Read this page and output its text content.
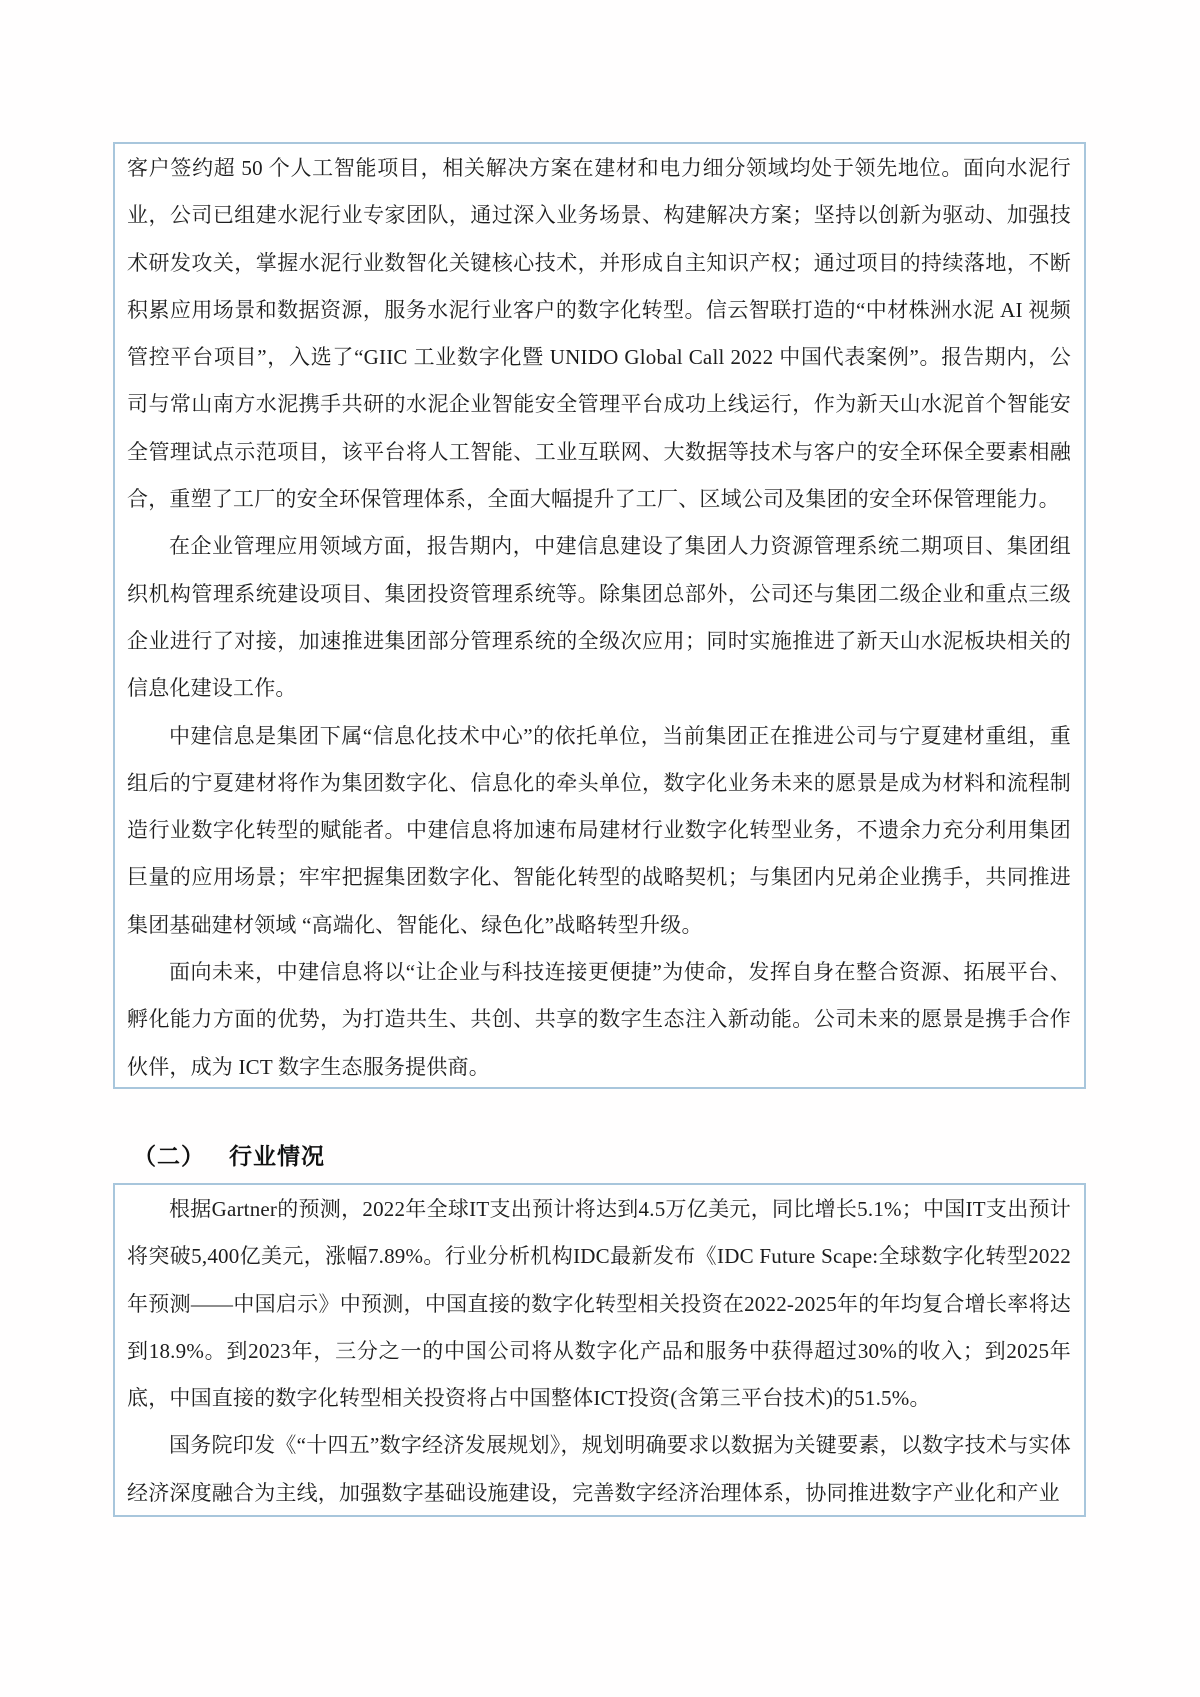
客户签约超 50 个人工智能项目，相关解决方案在建材和电力细分领域均处于领先地位。面向水泥行业，公司已组建水泥行业专家团队，通过深入业务场景、构建解决方案；坚持以创新为驱动、加强技术研发攻关，掌握水泥行业数智化关键核心技术，并形成自主知识产权；通过项目的持续落地，不断积累应用场景和数据资源，服务水泥行业客户的数字化转型。信云智联打造的“中材株洲水泥 AI 视频管控平台项目”，入选了“GIIC 工业数字化暨 UNIDO Global Call 2022 中国代表案例”。报告期内，公司与常山南方水泥携手共研的水泥企业智能安全管理平台成功上线运行，作为新天山水泥首个智能安全管理试点示范项目，该平台将人工智能、工业互联网、大数据等技术与客户的安全环保全要素相融合，重塑了工厂的安全环保管理体系，全面大幅提升了工厂、区域公司及集团的安全环保管理能力。

在企业管理应用领域方面，报告期内，中建信息建设了集团人力资源管理系统二期项目、集团组织机构管理系统建设项目、集团投资管理系统等。除集团总部外，公司还与集团二级企业和重点三级企业进行了对接，加速推进集团部分管理系统的全级次应用；同时实施推进了新天山水泥板块相关的信息化建设工作。

中建信息是集团下属“信息化技术中心”的依托单位，当前集团正在推进公司与宁夏建材重组，重组后的宁夏建材将作为集团数字化、信息化的牵头单位，数字化业务未来的愿景是成为材料和流程制造行业数字化转型的赋能者。中建信息将加速布局建材行业数字化转型业务，不遗余力充分利用集团巨量的应用场景；牢牢把握集团数字化、智能化转型的战略契机；与集团内兄弟企业携手，共同推进集团基础建材领域 “高端化、智能化、绿色化”战略转型升级。

面向未来，中建信息将以“让企业与科技连接更便捷”为使命，发挥自身在整合资源、拓展平台、孵化能力方面的优势，为打造共生、共创、共享的数字生态注入新动能。公司未来的愿景是携手合作伙伴，成为 ICT 数字生态服务提供商。

（二） 行业情况

根据Gartner的预测，2022年全球IT支出预计将达到4.5万亿美元，同比增长5.1%；中国IT支出预计将突破5,400亿美元，涨幅7.89%。行业分析机构IDC最新发布《IDC Future Scape:全球数字化转型2022年预测——中国启示》中预测，中国直接的数字化转型相关投资在2022-2025年的年均复合增长率将达到18.9%。到2023年，三分之一的中国公司将从数字化产品和服务中获得超过30%的收入；到2025年底，中国直接的数字化转型相关投资将占中国整体ICT投资(含第三平台技术)的51.5%。

国务院印发《“十四五”数字经济发展规划》，规划明确要求以数据为关键要素，以数字技术与实体经济深度融合为主线，加强数字基础设施建设，完善数字经济治理体系，协同推进数字产业化和产业
